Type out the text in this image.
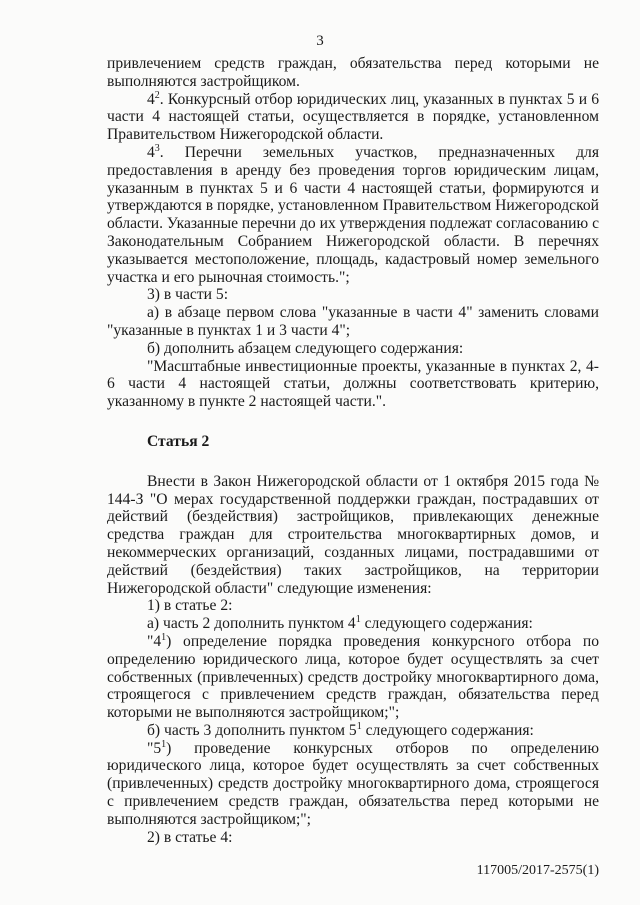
3

привлечением средств граждан, обязательства перед которыми не выполняются застройщиком.

$4^2$. Конкурсный отбор юридических лиц, указанных в пунктах 5 и 6 части 4 настоящей статьи, осуществляется в порядке, установленном Правительством Нижегородской области.

$4^3$. Перечни земельных участков, предназначенных для предоставления в аренду без проведения торгов юридическим лицам, указанным в пунктах 5 и 6 части 4 настоящей статьи, формируются и утверждаются в порядке, установленном Правительством Нижегородской области. Указанные перечни до их утверждения подлежат согласованию с Законодательным Собранием Нижегородской области. В перечнях указывается местоположение, площадь, кадастровый номер земельного участка и его рыночная стоимость.";

3) в части 5:

а) в абзаце первом слова "указанные в части 4" заменить словами "указанные в пунктах 1 и 3 части 4";

б) дополнить абзацем следующего содержания:

"Масштабные инвестиционные проекты, указанные в пунктах 2, 4-6 части 4 настоящей статьи, должны соответствовать критерию, указанному в пункте 2 настоящей части.".

Статья 2

Внести в Закон Нижегородской области от 1 октября 2015 года № 144-З "О мерах государственной поддержки граждан, пострадавших от действий (бездействия) застройщиков, привлекающих денежные средства граждан для строительства многоквартирных домов, и некоммерческих организаций, созданных лицами, пострадавшими от действий (бездействия) таких застройщиков, на территории Нижегородской области" следующие изменения:

1) в статье 2:

а) часть 2 дополнить пунктом $4^1$ следующего содержания:

"$4^1$) определение порядка проведения конкурсного отбора по определению юридического лица, которое будет осуществлять за счет собственных (привлеченных) средств достройку многоквартирного дома, строящегося с привлечением средств граждан, обязательства перед которыми не выполняются застройщиком;";

б) часть 3 дополнить пунктом $5^1$ следующего содержания:

"$5^1$) проведение конкурсных отборов по определению юридического лица, которое будет осуществлять за счет собственных (привлеченных) средств достройку многоквартирного дома, строящегося с привлечением средств граждан, обязательства перед которыми не выполняются застройщиком;";

2) в статье 4:

117005/2017-2575(1)
